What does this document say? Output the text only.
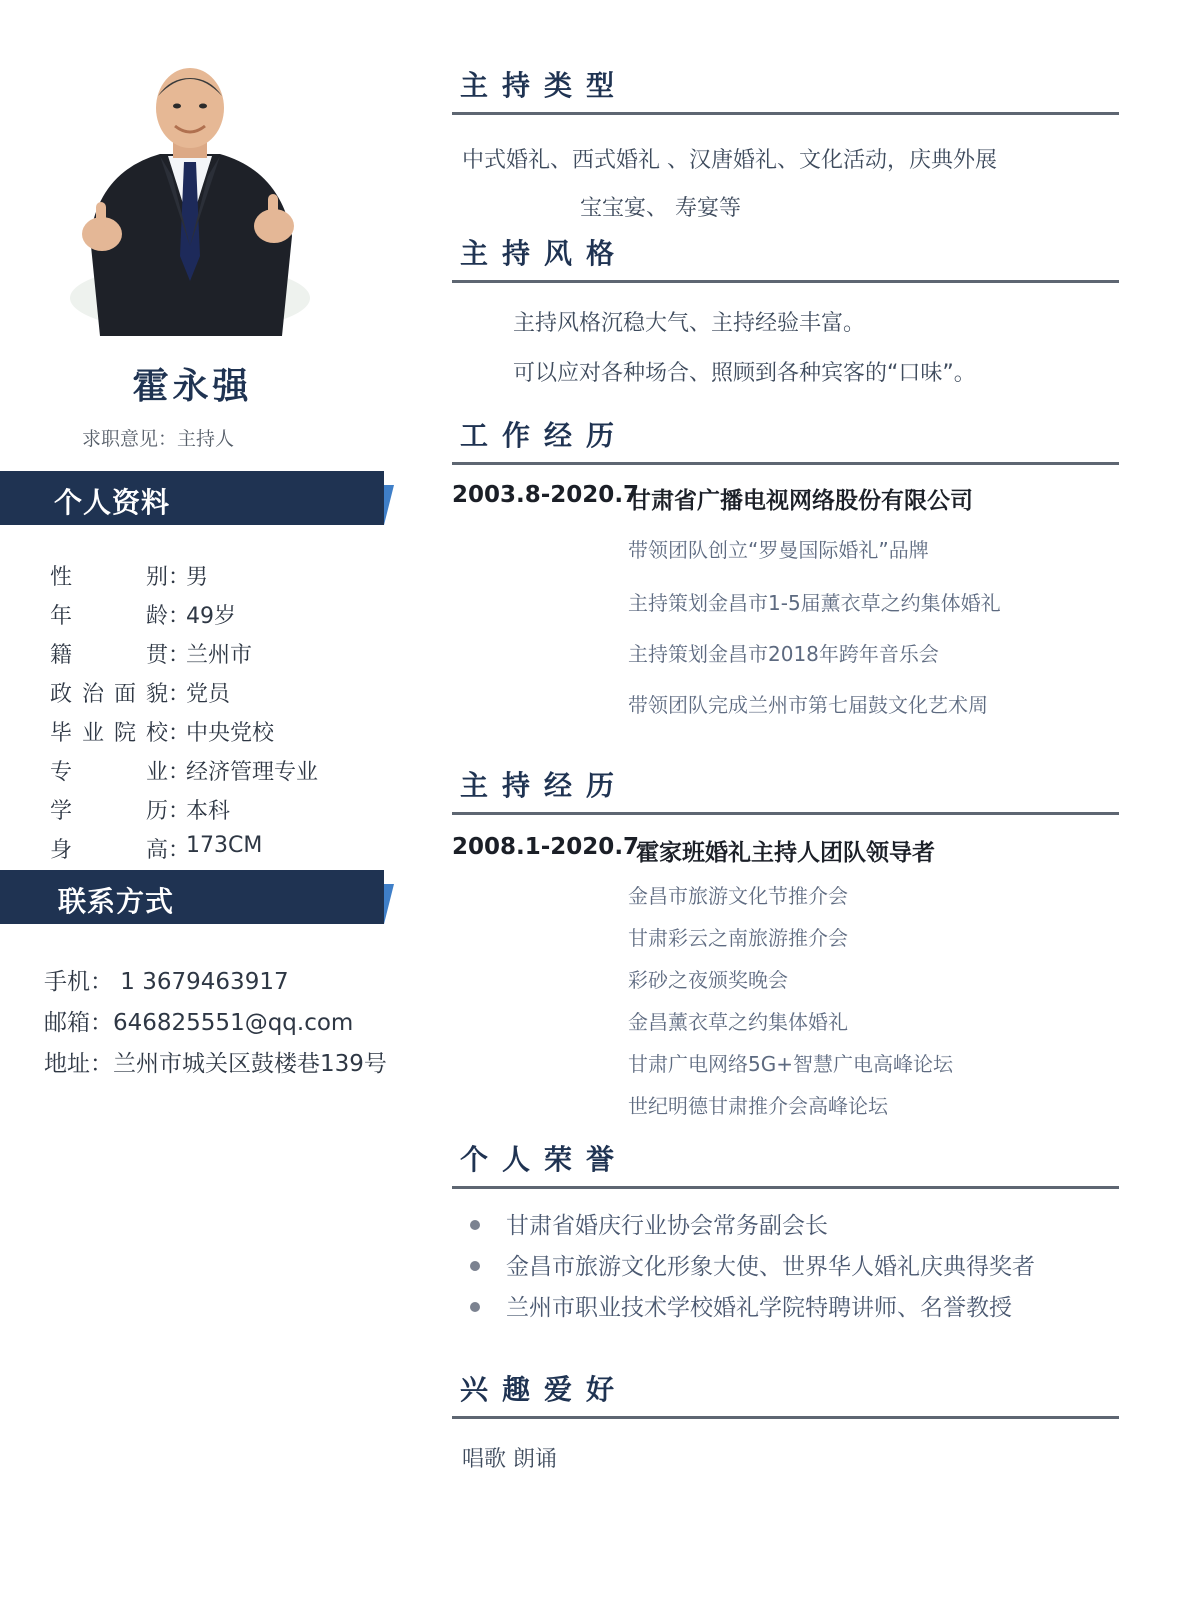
霍永强
求职意见：主持人
个人资料
性别 ：
男
年龄 ：
49岁
籍贯 ：
兰州市
政治面貌 ：
党员
毕业院校 ：
中央党校
专业 ：
经济管理专业
学历 ：
本科
身高 ：
173CM
联系方式
手机： 1 3679463917
邮箱：646825551@qq.com
地址：兰州市城关区鼓楼巷139号
主持类型
中式婚礼、西式婚礼 、汉唐婚礼、文化活动，庆典外展
宝宝宴、 寿宴等
主持风格
主持风格沉稳大气、主持经验丰富。
可以应对各种场合、照顾到各种宾客的“口味”。
工作经历
2003.8-2020.7
甘肃省广播电视网络股份有限公司
带领团队创立“罗曼国际婚礼”品牌
主持策划金昌市1-5届薰衣草之约集体婚礼
主持策划金昌市2018年跨年音乐会
带领团队完成兰州市第七届鼓文化艺术周
主持经历
2008.1-2020.7
霍家班婚礼主持人团队领导者
金昌市旅游文化节推介会
甘肃彩云之南旅游推介会
彩砂之夜颁奖晚会
金昌薰衣草之约集体婚礼
甘肃广电网络5G+智慧广电高峰论坛
世纪明德甘肃推介会高峰论坛
个人荣誉
甘肃省婚庆行业协会常务副会长
金昌市旅游文化形象大使、世界华人婚礼庆典得奖者
兰州市职业技术学校婚礼学院特聘讲师、名誉教授
兴趣爱好
唱歌 朗诵
